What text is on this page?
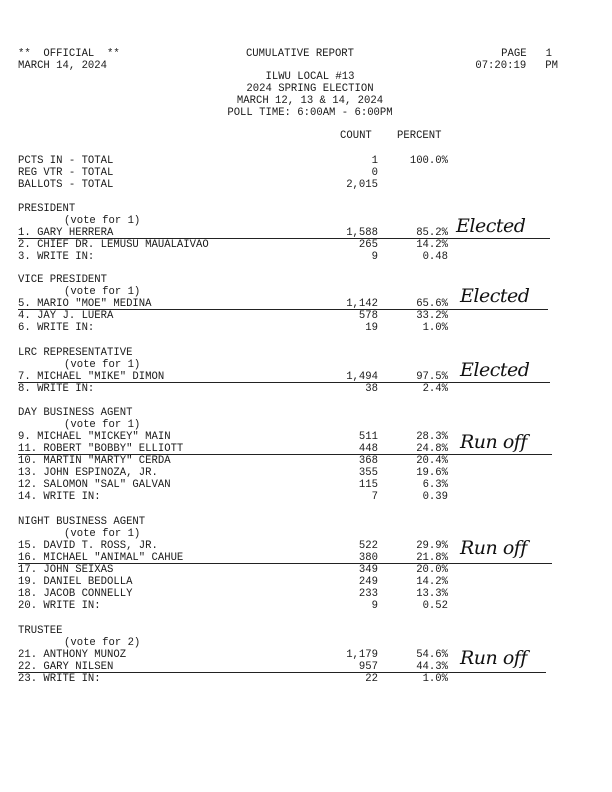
**  OFFICIAL  **
MARCH 14, 2024
CUMULATIVE REPORT	PAGE   1
07:20:19   PM
ILWU LOCAL #13
2024 SPRING ELECTION
MARCH 12, 13 & 14, 2024
POLL TIME: 6:00AM - 6:00PM
COUNT PERCENT
PCTS IN - TOTAL	1	100.0%
REG VTR - TOTAL	0
BALLOTS - TOTAL	2,015
PRESIDENT
(vote for 1)
1. GARY HERRERA	1,588	85.2%
2. CHIEF DR. LEMUSU MAUALAIVAO	265	14.2%
3. WRITE IN:	9	0.48
Elected
VICE PRESIDENT
(vote for 1)
5. MARIO "MOE" MEDINA	1,142	65.6%
4. JAY J. LUERA	578	33.2%
6. WRITE IN:	19	1.0%
Elected
LRC REPRESENTATIVE
(vote for 1)
7. MICHAEL "MIKE" DIMON	1,494	97.5%
8. WRITE IN:	38	2.4%
Elected
DAY BUSINESS AGENT
(vote for 1)
9. MICHAEL "MICKEY" MAIN	511	28.3%
11. ROBERT "BOBBY" ELLIOTT	448	24.8%
10. MARTIN "MARTY" CERDA	368	20.4%
13. JOHN ESPINOZA, JR.	355	19.6%
12. SALOMON "SAL" GALVAN	115	6.3%
14. WRITE IN:	7	0.39
Run off
NIGHT BUSINESS AGENT
(vote for 1)
15. DAVID T. ROSS, JR.	522	29.9%
16. MICHAEL "ANIMAL" CAHUE	380	21.8%
17. JOHN SEIXAS	349	20.0%
19. DANIEL BEDOLLA	249	14.2%
18. JACOB CONNELLY	233	13.3%
20. WRITE IN:	9	0.52
Run off
TRUSTEE
(vote for 2)
21. ANTHONY MUNOZ	1,179	54.6%
22. GARY NILSEN	957	44.3%
23. WRITE IN:	22	1.0%
Run off
